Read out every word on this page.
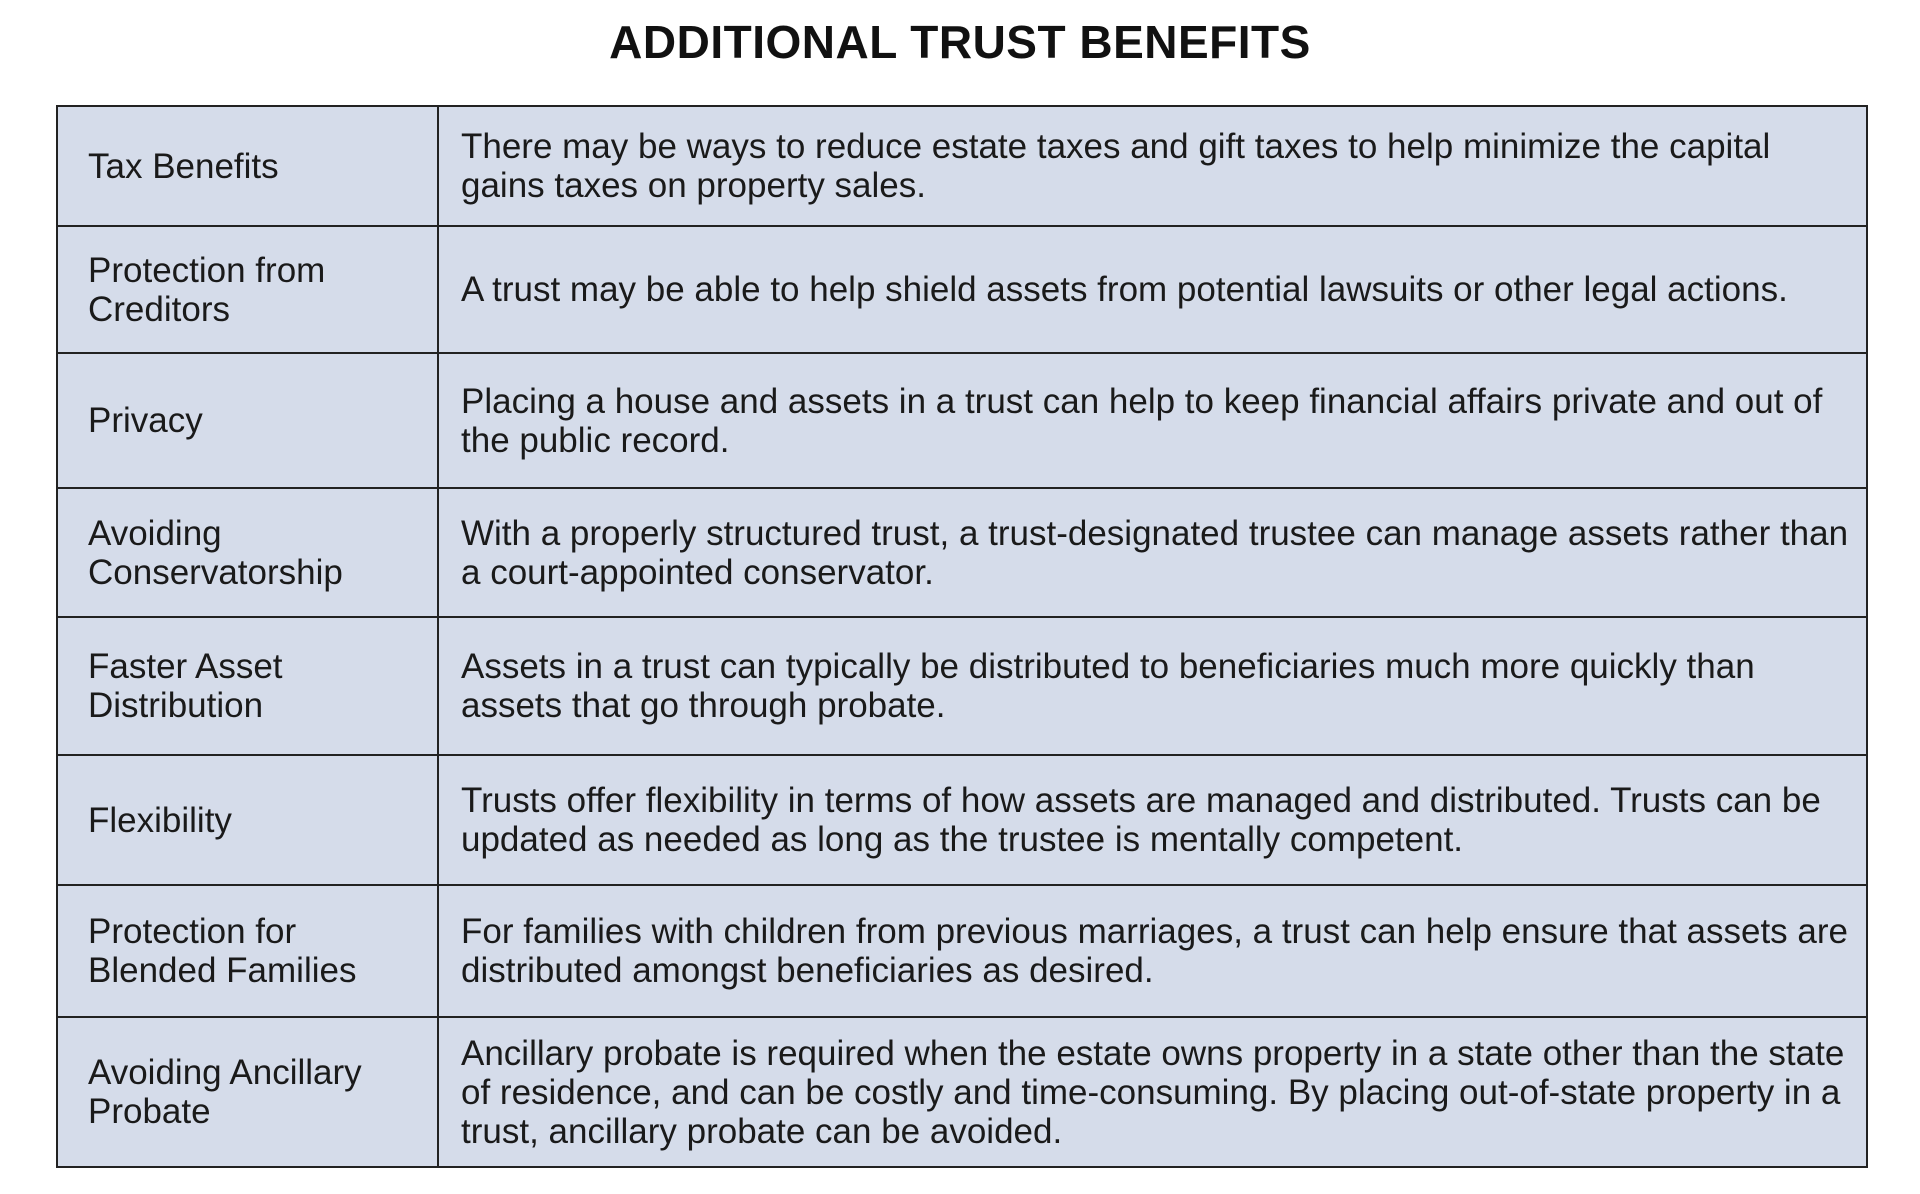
ADDITIONAL TRUST BENEFITS
Tax Benefits	There may be ways to reduce estate taxes and gift taxes to help minimize the capital gains taxes on property sales.
Protection from Creditors	A trust may be able to help shield assets from potential lawsuits or other legal actions.
Privacy	Placing a house and assets in a trust can help to keep financial affairs private and out of the public record.
Avoiding Conservatorship	With a properly structured trust, a trust-designated trustee can manage assets rather than a court-appointed conservator.
Faster Asset Distribution	Assets in a trust can typically be distributed to beneficiaries much more quickly than assets that go through probate.
Flexibility	Trusts offer flexibility in terms of how assets are managed and distributed. Trusts can be updated as needed as long as the trustee is mentally competent.
Protection for Blended Families	For families with children from previous marriages, a trust can help ensure that assets are distributed amongst beneficiaries as desired.
Avoiding Ancillary Probate	Ancillary probate is required when the estate owns property in a state other than the state of residence, and can be costly and time-consuming. By placing out-of-state property in a trust, ancillary probate can be avoided.
